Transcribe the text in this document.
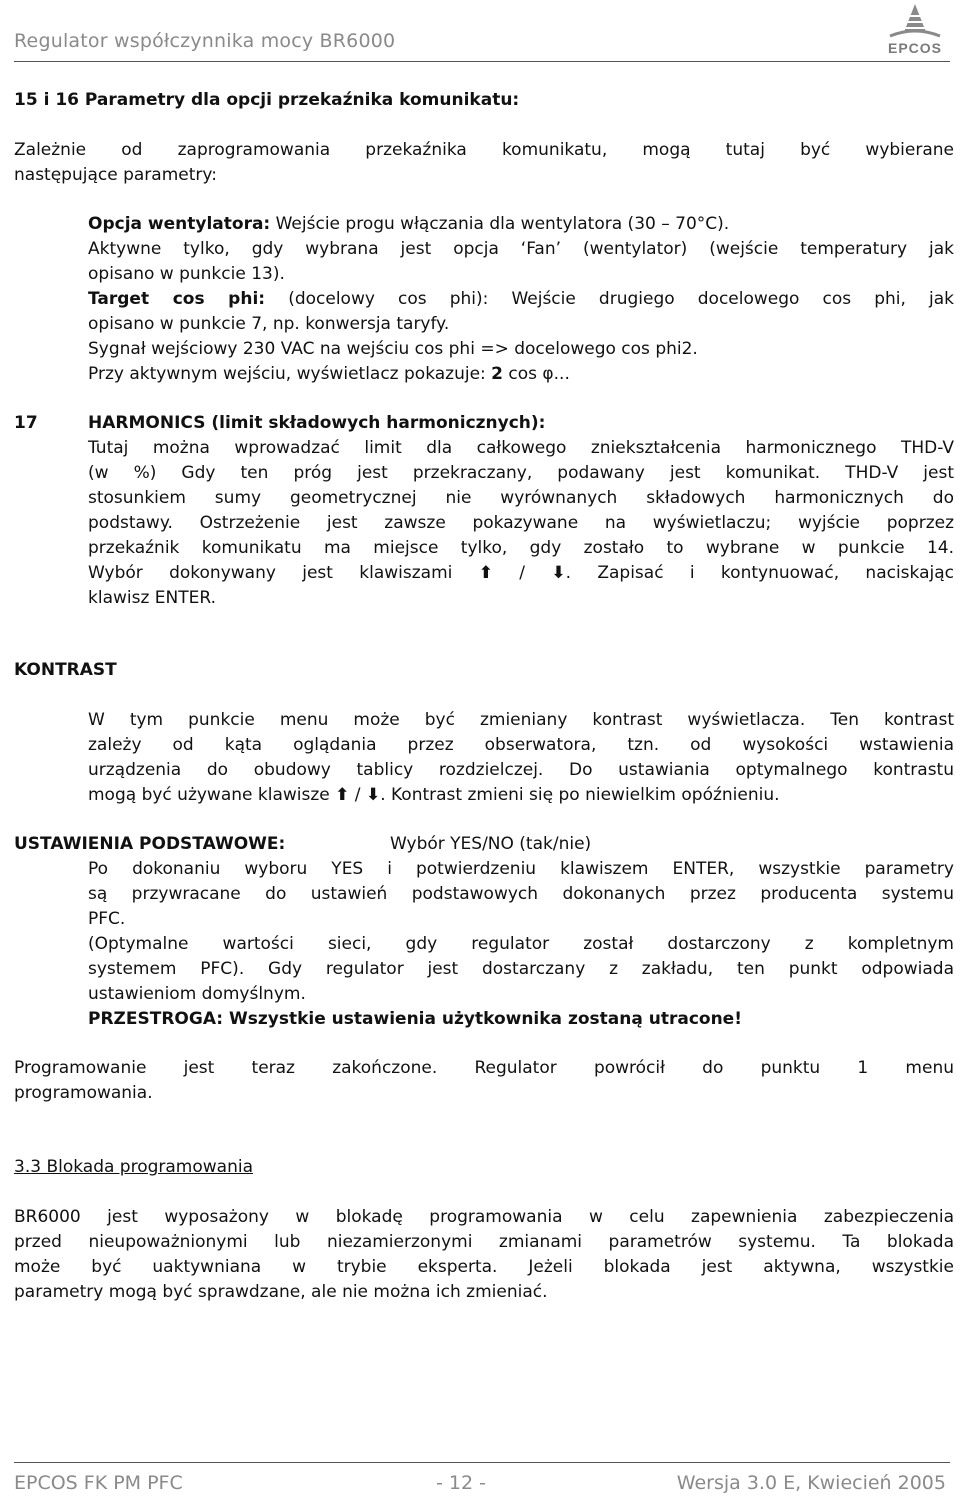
Regulator współczynnika mocy BR6000	EPCOS
15 i 16 Parametry dla opcji przekaźnika komunikatu:
Zależnie od zaprogramowania przekaźnika komunikatu, mogą tutaj być wybierane
następujące parametry:
Opcja wentylatora: Wejście progu włączania dla wentylatora (30 – 70°C).
Aktywne tylko, gdy wybrana jest opcja ‘Fan’ (wentylator) (wejście temperatury jak
opisano w punkcie 13).
Target cos phi: (docelowy cos phi): Wejście drugiego docelowego cos phi, jak
opisano w punkcie 7, np. konwersja taryfy.
Sygnał wejściowy 230 VAC na wejściu cos phi => docelowego cos phi2.
Przy aktywnym wejściu, wyświetlacz pokazuje: 2 cos φ...
17	HARMONICS (limit składowych harmonicznych):
Tutaj można wprowadzać limit dla całkowego zniekształcenia harmonicznego THD-V
(w %) Gdy ten próg jest przekraczany, podawany jest komunikat. THD-V jest
stosunkiem sumy geometrycznej nie wyrównanych składowych harmonicznych do
podstawy. Ostrzeżenie jest zawsze pokazywane na wyświetlaczu; wyjście poprzez
przekaźnik komunikatu ma miejsce tylko, gdy zostało to wybrane w punkcie 14.
Wybór dokonywany jest klawiszami ⬆ / ⬇. Zapisać i kontynuować, naciskając
klawisz ENTER.
KONTRAST
W tym punkcie menu może być zmieniany kontrast wyświetlacza. Ten kontrast
zależy od kąta oglądania przez obserwatora, tzn. od wysokości wstawienia
urządzenia do obudowy tablicy rozdzielczej. Do ustawiania optymalnego kontrastu
mogą być używane klawisze ⬆ / ⬇. Kontrast zmieni się po niewielkim opóźnieniu.
USTAWIENIA PODSTAWOWE:	Wybór YES/NO (tak/nie)
Po dokonaniu wyboru YES i potwierdzeniu klawiszem ENTER, wszystkie parametry
są przywracane do ustawień podstawowych dokonanych przez producenta systemu
PFC.
(Optymalne wartości sieci, gdy regulator został dostarczony z kompletnym
systemem PFC). Gdy regulator jest dostarczany z zakładu, ten punkt odpowiada
ustawieniom domyślnym.
PRZESTROGA: Wszystkie ustawienia użytkownika zostaną utracone!
Programowanie jest teraz zakończone. Regulator powrócił do punktu 1 menu
programowania.
3.3 Blokada programowania
BR6000 jest wyposażony w blokadę programowania w celu zapewnienia zabezpieczenia
przed nieupoważnionymi lub niezamierzonymi zmianami parametrów systemu. Ta blokada
może być uaktywniana w trybie eksperta. Jeżeli blokada jest aktywna, wszystkie
parametry mogą być sprawdzane, ale nie można ich zmieniać.
EPCOS FK PM PFC	- 12 -	Wersja 3.0 E, Kwiecień 2005
